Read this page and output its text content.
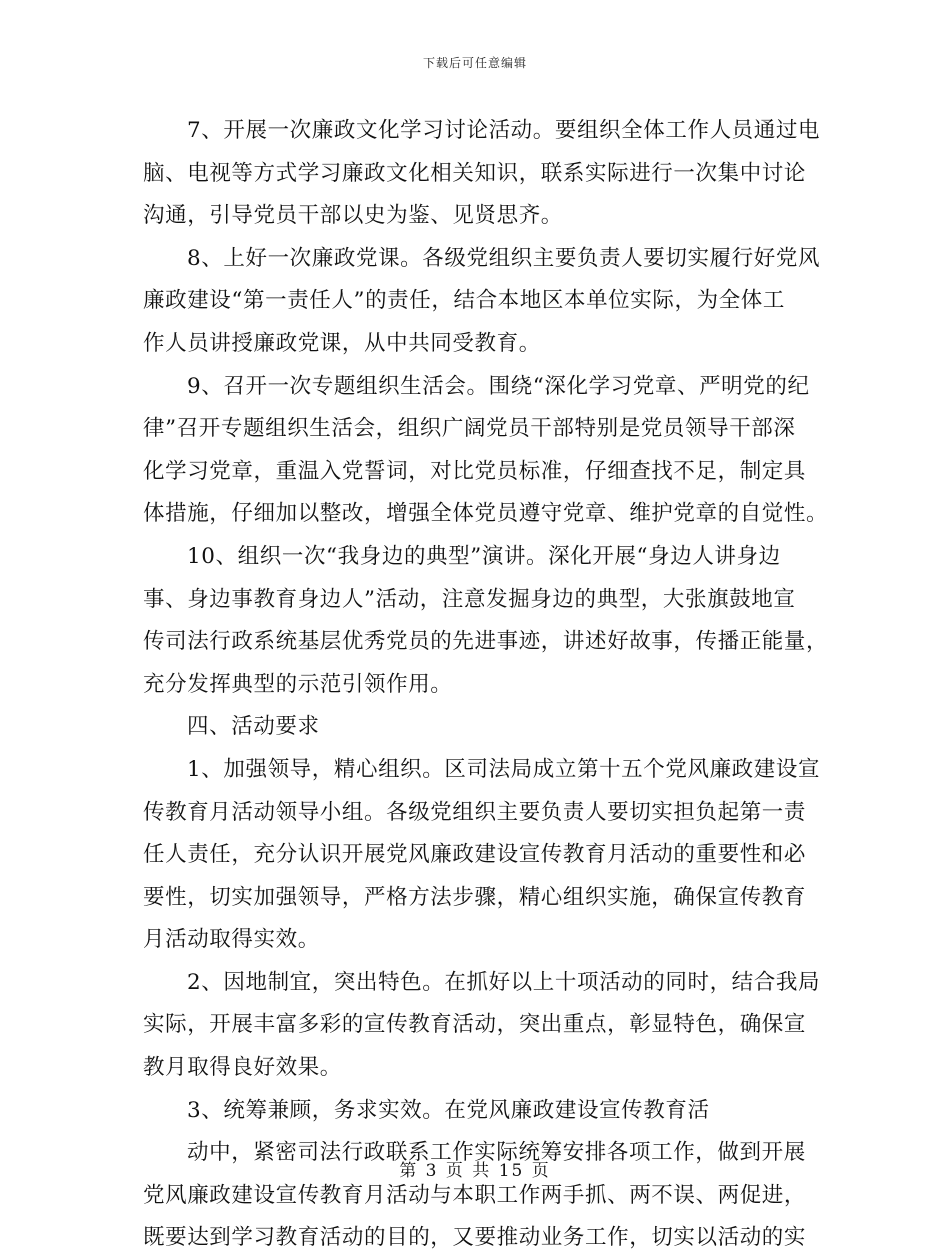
下载后可任意编辑
7、开展一次廉政文化学习讨论活动。要组织全体工作人员通过电
脑、电视等方式学习廉政文化相关知识，联系实际进行一次集中讨论
沟通，引导党员干部以史为鉴、见贤思齐。
8、上好一次廉政党课。各级党组织主要负责人要切实履行好党风
廉政建设“第一责任人”的责任，结合本地区本单位实际，为全体工
作人员讲授廉政党课，从中共同受教育。
9、召开一次专题组织生活会。围绕“深化学习党章、严明党的纪
律”召开专题组织生活会，组织广阔党员干部特别是党员领导干部深
化学习党章，重温入党誓词，对比党员标准，仔细查找不足，制定具
体措施，仔细加以整改，增强全体党员遵守党章、维护党章的自觉性。
10、组织一次“我身边的典型”演讲。深化开展“身边人讲身边
事、身边事教育身边人”活动，注意发掘身边的典型，大张旗鼓地宣
传司法行政系统基层优秀党员的先进事迹，讲述好故事，传播正能量，
充分发挥典型的示范引领作用。
四、活动要求
1、加强领导，精心组织。区司法局成立第十五个党风廉政建设宣
传教育月活动领导小组。各级党组织主要负责人要切实担负起第一责
任人责任，充分认识开展党风廉政建设宣传教育月活动的重要性和必
要性，切实加强领导，严格方法步骤，精心组织实施，确保宣传教育
月活动取得实效。
2、因地制宜，突出特色。在抓好以上十项活动的同时，结合我局
实际，开展丰富多彩的宣传教育活动，突出重点，彰显特色，确保宣
教月取得良好效果。
3、统筹兼顾，务求实效。在党风廉政建设宣传教育活
动中，紧密司法行政联系工作实际统筹安排各项工作，做到开展
党风廉政建设宣传教育月活动与本职工作两手抓、两不误、两促进，
既要达到学习教育活动的目的，又要推动业务工作，切实以活动的实
第 3 页 共 15 页
